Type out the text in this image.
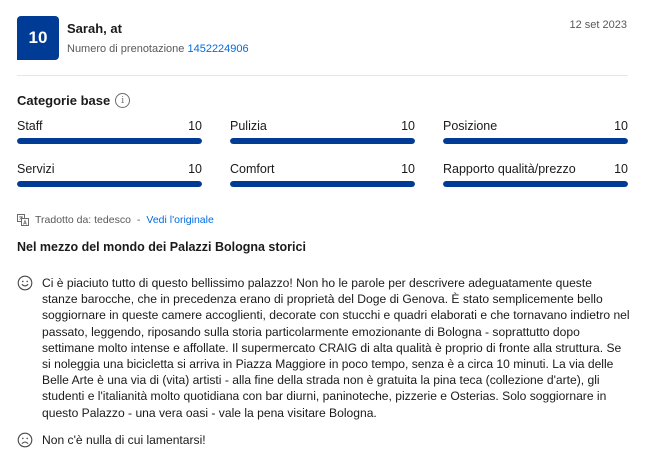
10 Sarah, at
Numero di prenotazione 1452224906
12 set 2023
Categorie base	i
Staff	10 Pulizia	10 Posizione	10
Servizi	10 Comfort	10 Rapporto qualità/prezzo	10
Tradotto da: tedesco - Vedi l'originale
Nel mezzo del mondo dei Palazzi Bologna storici
Ci è piaciuto tutto di questo bellissimo palazzo! Non ho le parole per descrivere adeguatamente queste stanze barocche, che in precedenza erano di proprietà del Doge di Genova. È stato semplicemente bello soggiornare in queste camere accoglienti, decorate con stucchi e quadri elaborati e che tornavano indietro nel passato, leggendo, riposando sulla storia particolarmente emozionante di Bologna - soprattutto dopo settimane molto intense e affollate. Il supermercato CRAIG di alta qualità è proprio di fronte alla struttura. Se si noleggia una bicicletta si arriva in Piazza Maggiore in poco tempo, senza è a circa 10 minuti. La via delle Belle Arte è una via di (vita) artisti - alla fine della strada non è gratuita la pina teca (collezione d'arte), gli studenti e l'italianità molto quotidiana con bar diurni, paninoteche, pizzerie e Osterias. Solo soggiornare in questo Palazzo - una vera oasi - vale la pena visitare Bologna.
Non c'è nulla di cui lamentarsi!
